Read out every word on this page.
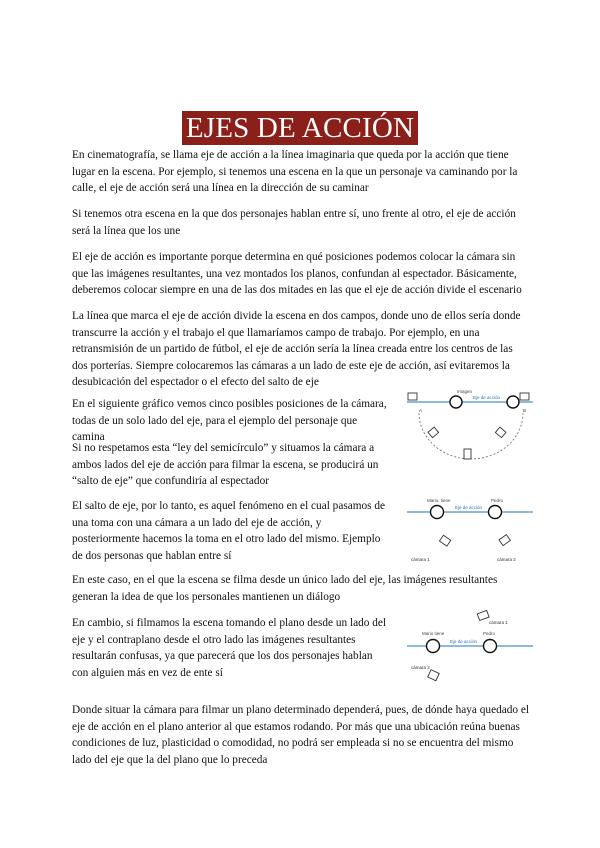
EJES DE ACCIÓN

En cinematografía, se llama eje de acción a la línea imaginaria que queda por la acción que tiene lugar en la escena. Por ejemplo, si tenemos una escena en la que un personaje va caminando por la calle, el eje de acción será una línea en la dirección de su caminar

Si tenemos otra escena en la que dos personajes hablan entre sí, uno frente al otro, el eje de acción será la línea que los une

El eje de acción es importante porque determina en qué posiciones podemos colocar la cámara sin que las imágenes resultantes, una vez montados los planos, confundan al espectador. Básicamente, deberemos colocar siempre en una de las dos mitades en las que el eje de acción divide el escenario

La línea que marca el eje de acción divide la escena en dos campos, donde uno de ellos sería donde transcurre la acción y el trabajo el que llamaríamos campo de trabajo. Por ejemplo, en una retransmisión de un partido de fútbol, el eje de acción sería la línea creada entre los centros de las dos porterías. Siempre colocaremos las cámaras a un lado de este eje de acción, así evitaremos la desubicación del espectador o el efecto del salto de eje

En el siguiente gráfico vemos cinco posibles posiciones de la cámara, todas de un solo lado del eje, para el ejemplo del personaje que camina

Si no respetamos esta “ley del semicírculo” y situamos la cámara a ambos lados del eje de acción para filmar la escena, se producirá un “salto de eje” que confundiría al espectador

El salto de eje, por lo tanto, es aquel fenómeno en el cual pasamos de una toma con una cámara a un lado del eje de acción, y posteriormente hacemos la toma en el otro lado del mismo. Ejemplo de dos personas que hablan entre sí

En este caso, en el que la escena se filma desde un único lado del eje, las imágenes resultantes generan la idea de que los personales mantienen un diálogo

En cambio, si filmamos la escena tomando el plano desde un lado del eje y el contraplano desde el otro lado las imágenes resultantes resultarán confusas, ya que parecerá que los dos personajes hablan con alguien más en vez de ente sí

Donde situar la cámara para filmar un plano determinado dependerá, pues, de dónde haya quedado el eje de acción en el plano anterior al que estamos rodando. Por más que una ubicación reúna buenas condiciones de luz, plasticidad o comodidad, no podrá ser empleada si no se encuentra del mismo lado del eje que la del plano que lo preceda

Imagen
Eje de acción
A	B
Mario, tiene	Pedro
Eje de acción
cámara 1	cámara 2
cámara 1
Mario tiene	Pedro
Eje de acción
cámara 2
